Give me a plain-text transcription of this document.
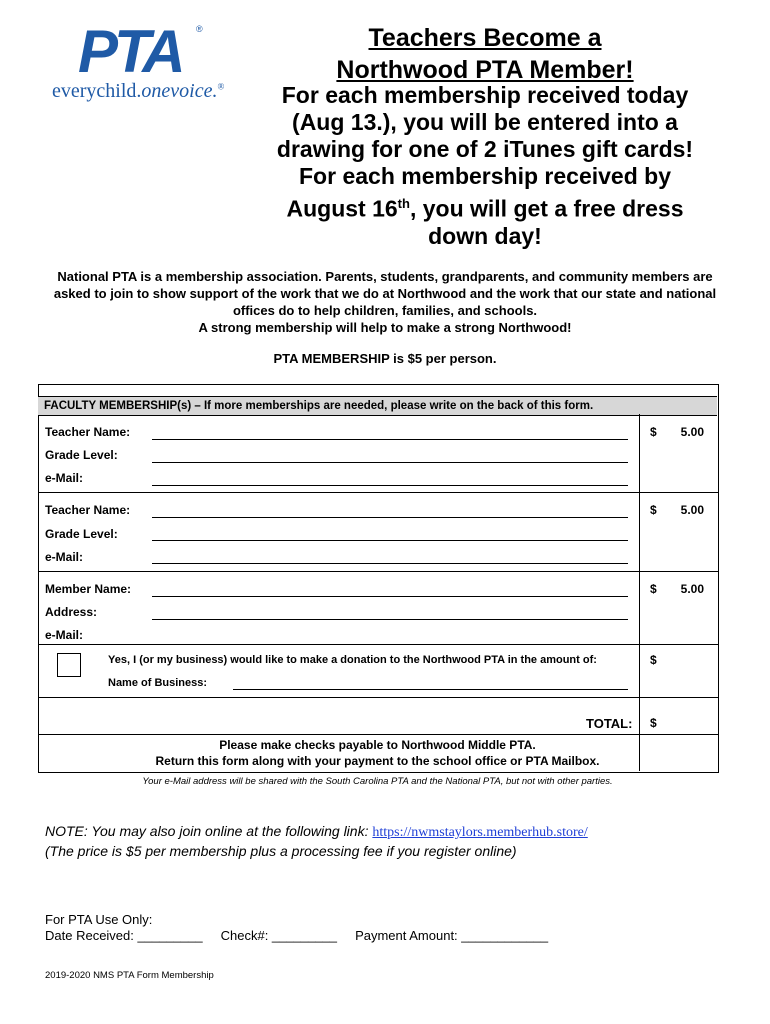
PTA ®
everychild.onevoice.®
Teachers Become a
Northwood PTA Member!
For each membership received today (Aug 13.), you will be entered into a drawing for one of 2 iTunes gift cards!
For each membership received by August 16th, you will get a free dress down day!
National PTA is a membership association. Parents, students, grandparents, and community members are asked to join to show support of the work that we do at Northwood and the work that our state and national offices do to help children, families, and schools.
A strong membership will help to make a strong Northwood!
PTA MEMBERSHIP is $5 per person.
FACULTY MEMBERSHIP(s) – If more memberships are needed, please write on the back of this form.
Teacher Name:
Grade Level:
e-Mail:
$	5.00
Teacher Name:
Grade Level:
e-Mail:
$	5.00
Member Name:
Address:
e-Mail:
$	5.00
Yes, I (or my business) would like to make a donation to the Northwood PTA in the amount of:	$
Name of Business:
TOTAL: $
Please make checks payable to Northwood Middle PTA.
Return this form along with your payment to the school office or PTA Mailbox.
Your e-Mail address will be shared with the South Carolina PTA and the National PTA, but not with other parties.
NOTE: You may also join online at the following link: https://nwmstaylors.memberhub.store/
(The price is $5 per membership plus a processing fee if you register online)
For PTA Use Only:
Date Received: _________ Check#: _________ Payment Amount: ____________
2019-2020 NMS PTA Form Membership
